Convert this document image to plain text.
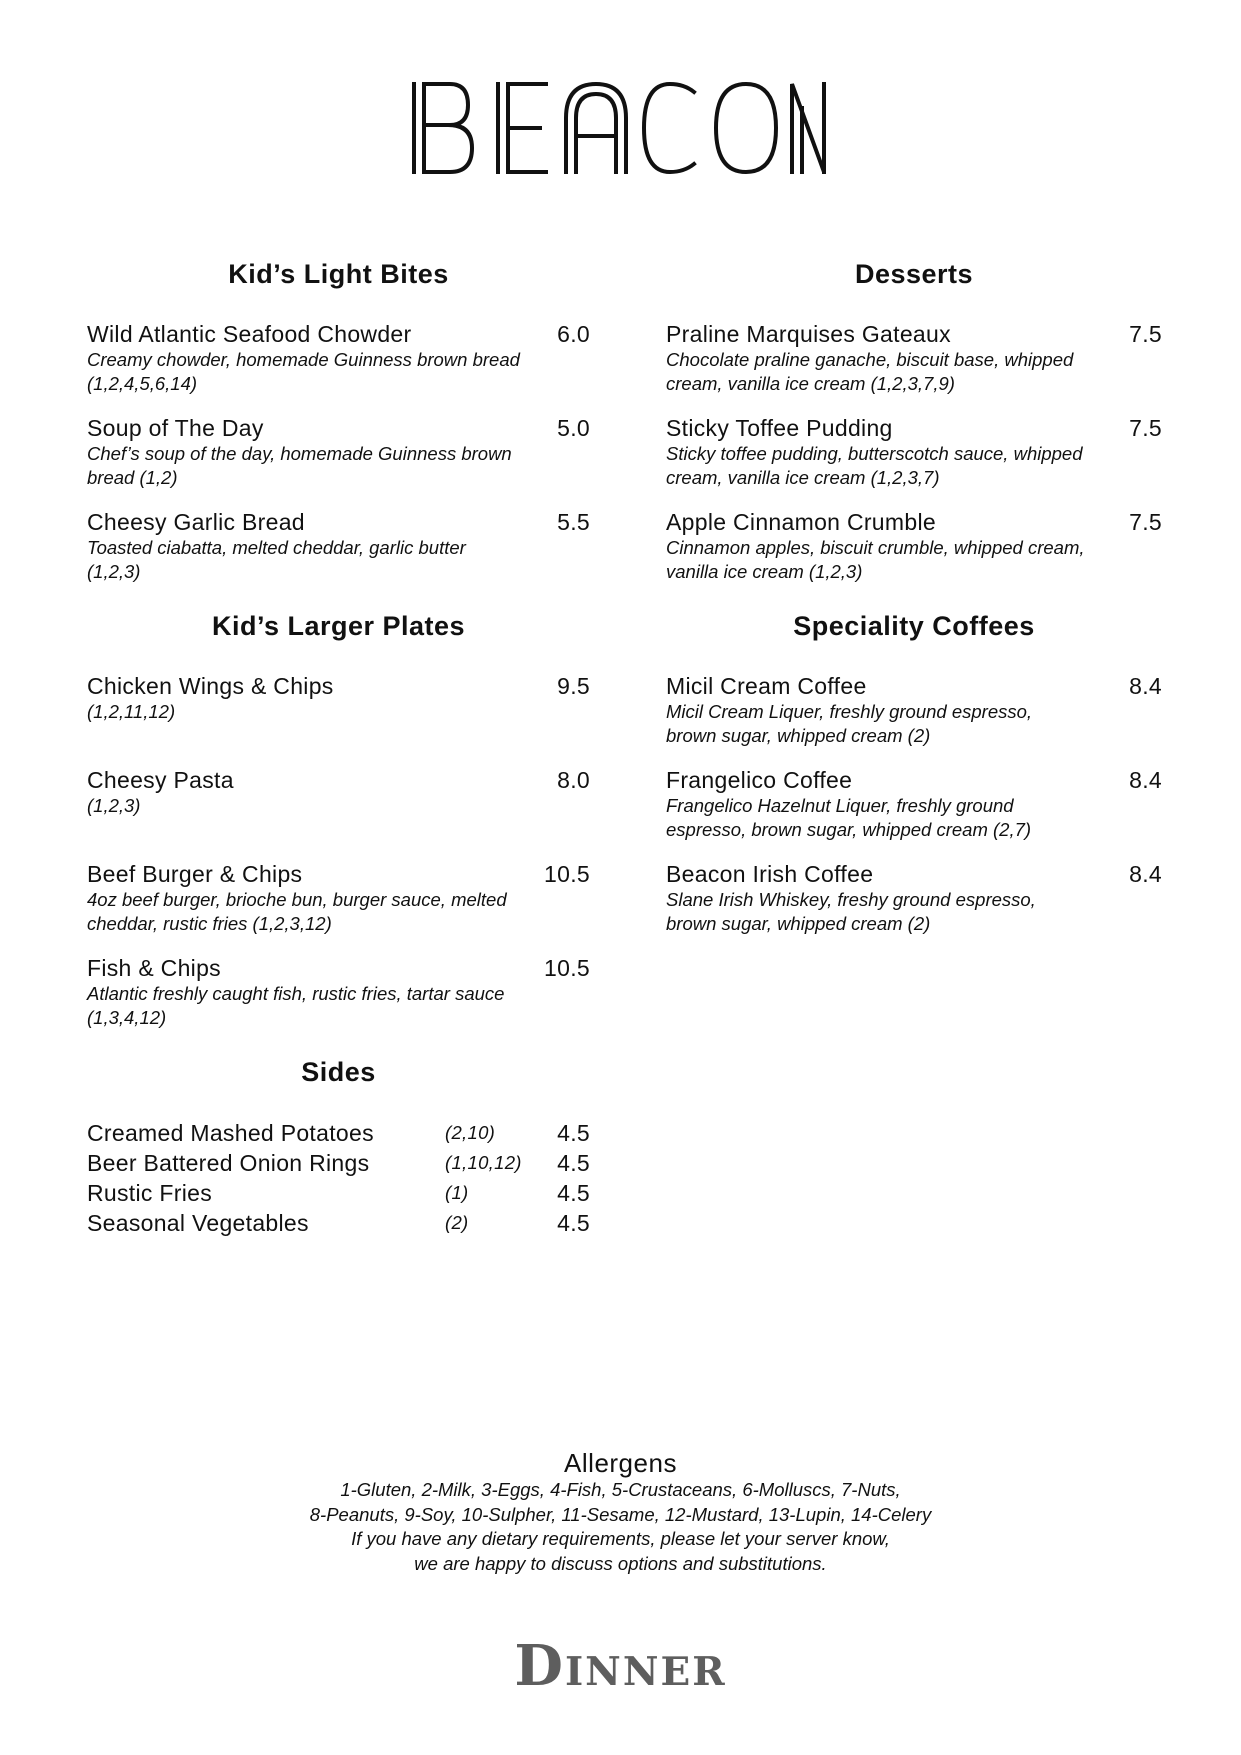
Kid’s Light Bites
Wild Atlantic Seafood Chowder	6.0
Creamy chowder, homemade Guinness brown bread
(1,2,4,5,6,14)
Soup of The Day	5.0
Chef’s soup of the day, homemade Guinness brown
bread (1,2)
Cheesy Garlic Bread	5.5
Toasted ciabatta, melted cheddar, garlic butter
(1,2,3)
Kid’s Larger Plates
Chicken Wings & Chips	9.5
(1,2,11,12)
Cheesy Pasta	8.0
(1,2,3)
Beef Burger & Chips	10.5
4oz beef burger, brioche bun, burger sauce, melted
cheddar, rustic fries (1,2,3,12)
Fish & Chips	10.5
Atlantic freshly caught fish, rustic fries, tartar sauce
(1,3,4,12)
Sides
Creamed Mashed Potatoes	(2,10)	4.5
Beer Battered Onion Rings	(1,10,12)	4.5
Rustic Fries	(1)	4.5
Seasonal Vegetables	(2)	4.5
Desserts
Praline Marquises Gateaux	7.5
Chocolate praline ganache, biscuit base, whipped
cream, vanilla ice cream (1,2,3,7,9)
Sticky Toffee Pudding	7.5
Sticky toffee pudding, butterscotch sauce, whipped
cream, vanilla ice cream (1,2,3,7)
Apple Cinnamon Crumble	7.5
Cinnamon apples, biscuit crumble, whipped cream,
vanilla ice cream (1,2,3)
Speciality Coffees
Micil Cream Coffee	8.4
Micil Cream Liquer, freshly ground espresso,
brown sugar, whipped cream (2)
Frangelico Coffee	8.4
Frangelico Hazelnut Liquer, freshly ground
espresso, brown sugar, whipped cream (2,7)
Beacon Irish Coffee	8.4
Slane Irish Whiskey, freshy ground espresso,
brown sugar, whipped cream (2)
Allergens
1-Gluten, 2-Milk, 3-Eggs, 4-Fish, 5-Crustaceans, 6-Molluscs, 7-Nuts,
8-Peanuts, 9-Soy, 10-Sulpher, 11-Sesame, 12-Mustard, 13-Lupin, 14-Celery
If you have any dietary requirements, please let your server know,
we are happy to discuss options and substitutions.
Dinner
